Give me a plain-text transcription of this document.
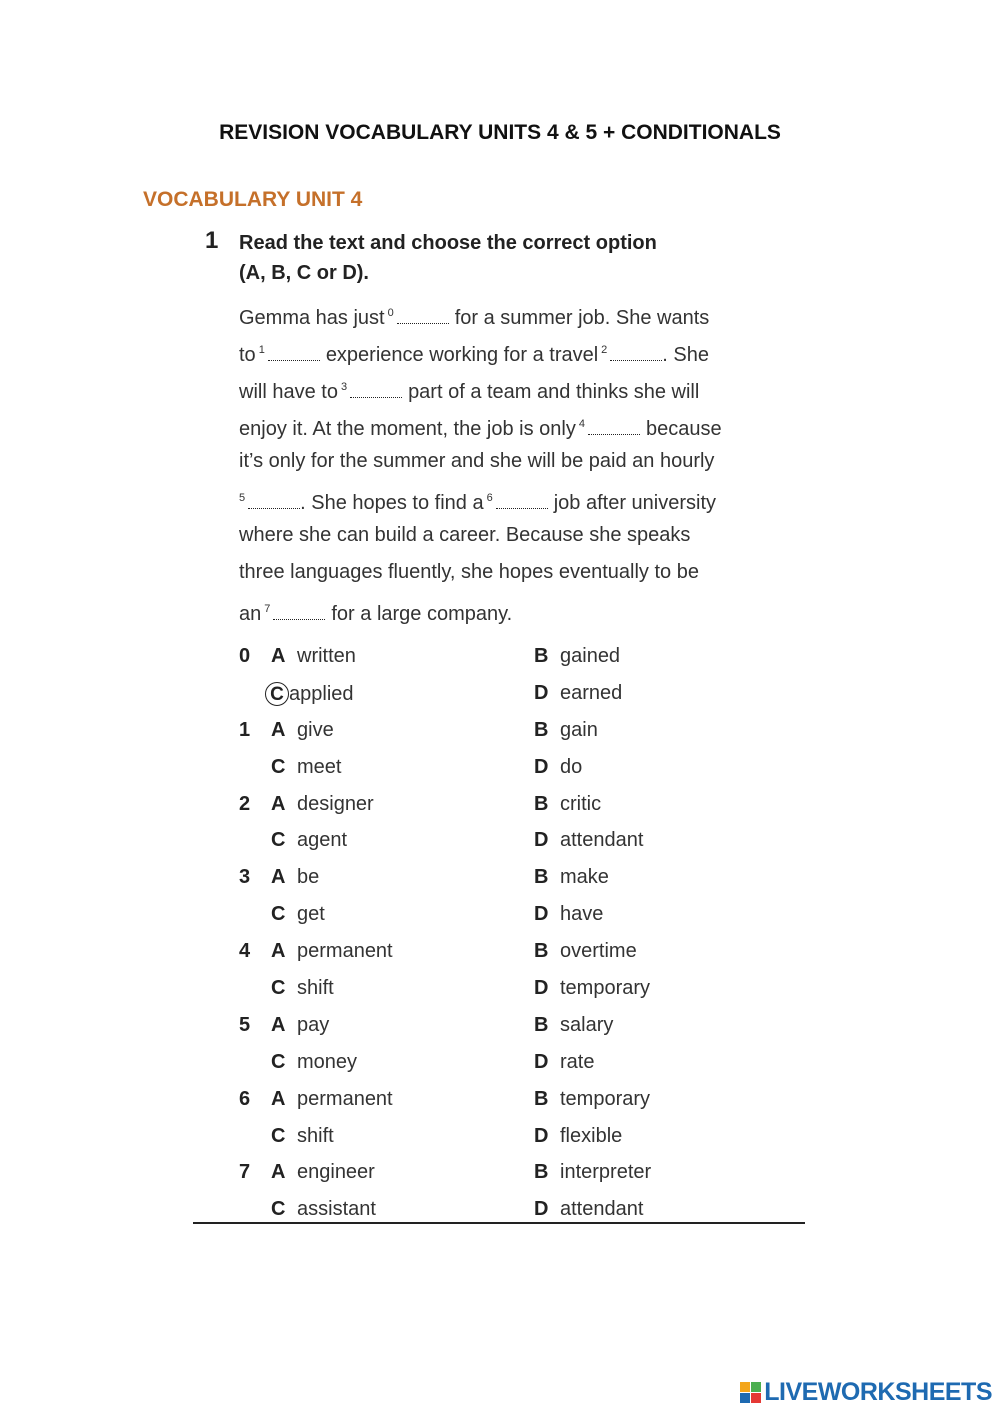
REVISION VOCABULARY UNITS 4 & 5 + CONDITIONALS
VOCABULARY UNIT 4
1 Read the text and choose the correct option
(A, B, C or D).
Gemma has just $^0$	for a summer job. She wants
to $^1$	experience working for a travel $^2$	. She
will have to $^3$	part of a team and thinks she will
enjoy it. At the moment, the job is only $^4$	because
it’s only for the summer and she will be paid an hourly
$^5$	. She hopes to find a $^6$	job after university
where she can build a career. Because she speaks
three languages fluently, she hopes eventually to be
an $^7$	for a large company.
0 A written	B gained
C applied	D earned
1 A give	B gain
C meet	D do
2 A designer	B critic
C agent	D attendant
3 A be	B make
C get	D have
4 A permanent	B overtime
C shift	D temporary
5 A pay	B salary
C money	D rate
6 A permanent	B temporary
C shift	D flexible
7 A engineer	B interpreter
C assistant	D attendant
LIVEWORKSHEETS
